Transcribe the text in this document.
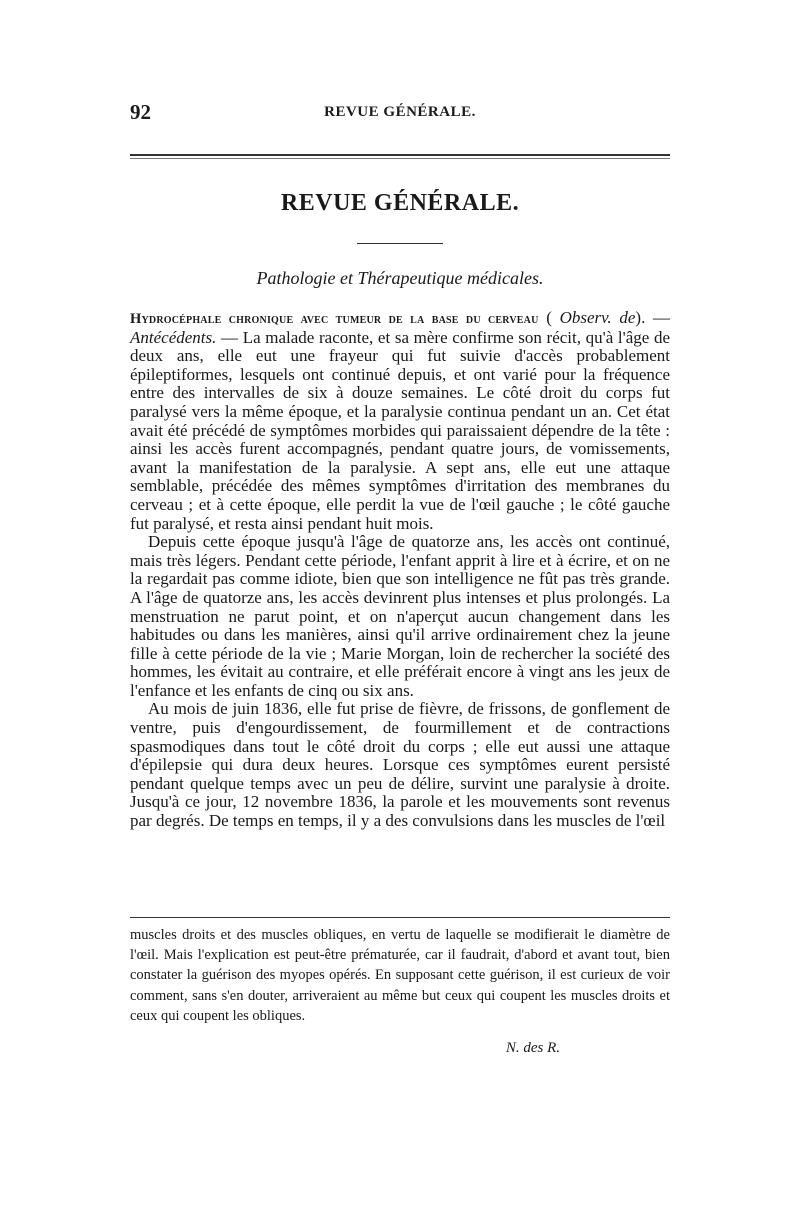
92	REVUE GÉNÉRALE.
REVUE GÉNÉRALE.
Pathologie et Thérapeutique médicales.

Hydrocéphale chronique avec tumeur de la base du cerveau ( Observ. de). — Antécédents. — La malade raconte, et sa mère confirme son récit, qu'à l'âge de deux ans, elle eut une frayeur qui fut suivie d'accès probablement épileptiformes, lesquels ont continué depuis, et ont varié pour la fréquence entre des intervalles de six à douze semaines. Le côté droit du corps fut paralysé vers la même époque, et la paralysie continua pendant un an. Cet état avait été précédé de symptômes morbides qui paraissaient dépendre de la tête : ainsi les accès furent accompagnés, pendant quatre jours, de vomissements, avant la manifestation de la paralysie. A sept ans, elle eut une attaque semblable, précédée des mêmes symptômes d'irritation des membranes du cerveau ; et à cette époque, elle perdit la vue de l'œil gauche ; le côté gauche fut paralysé, et resta ainsi pendant huit mois.

Depuis cette époque jusqu'à l'âge de quatorze ans, les accès ont continué, mais très légers. Pendant cette période, l'enfant apprit à lire et à écrire, et on ne la regardait pas comme idiote, bien que son intelligence ne fût pas très grande. A l'âge de quatorze ans, les accès devinrent plus intenses et plus prolongés. La menstruation ne parut point, et on n'aperçut aucun changement dans les habitudes ou dans les manières, ainsi qu'il arrive ordinairement chez la jeune fille à cette période de la vie ; Marie Morgan, loin de rechercher la société des hommes, les évitait au contraire, et elle préférait encore à vingt ans les jeux de l'enfance et les enfants de cinq ou six ans.

Au mois de juin 1836, elle fut prise de fièvre, de frissons, de gonflement de ventre, puis d'engourdissement, de fourmillement et de contractions spasmodiques dans tout le côté droit du corps ; elle eut aussi une attaque d'épilepsie qui dura deux heures. Lorsque ces symptômes eurent persisté pendant quelque temps avec un peu de délire, survint une paralysie à droite. Jusqu'à ce jour, 12 novembre 1836, la parole et les mouvements sont revenus par degrés. De temps en temps, il y a des convulsions dans les muscles de l'œil

muscles droits et des muscles obliques, en vertu de laquelle se modifierait le diamètre de l'œil. Mais l'explication est peut-être prématurée, car il faudrait, d'abord et avant tout, bien constater la guérison des myopes opérés. En supposant cette guérison, il est curieux de voir comment, sans s'en douter, arriveraient au même but ceux qui coupent les muscles droits et ceux qui coupent les obliques.

N. des R.
